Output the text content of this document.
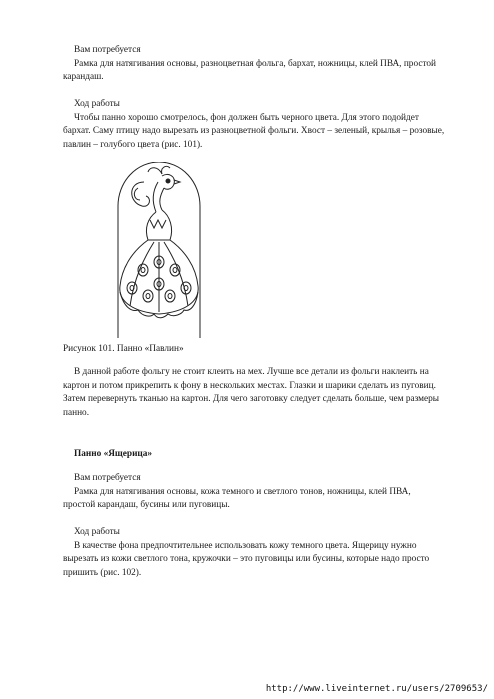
Вам потребуется

Рамка для натягивания основы, разноцветная фольга, бархат, ножницы, клей ПВА, простой карандаш.

Ход работы

Чтобы панно хорошо смотрелось, фон должен быть черного цвета. Для этого подойдет бархат. Саму птицу надо вырезать из разноцветной фольги. Хвост – зеленый, крылья – розовые, павлин – голубого цвета (рис. 101).

Рисунок 101. Панно «Павлин»

В данной работе фольгу не стоит клеить на мех. Лучше все детали из фольги наклеить на картон и потом прикрепить к фону в нескольких местах. Глазки и шарики сделать из пуговиц. Затем перевернуть тканью на картон. Для чего заготовку следует сделать больше, чем размеры панно.

Панно «Ящерица»

Вам потребуется

Рамка для натягивания основы, кожа темного и светлого тонов, ножницы, клей ПВА, простой карандаш, бусины или пуговицы.

Ход работы

В качестве фона предпочтительнее использовать кожу темного цвета. Ящерицу нужно вырезать из кожи светлого тона, кружочки – это пуговицы или бусины, которые надо просто пришить (рис. 102).

http://www.liveinternet.ru/users/2709653/
